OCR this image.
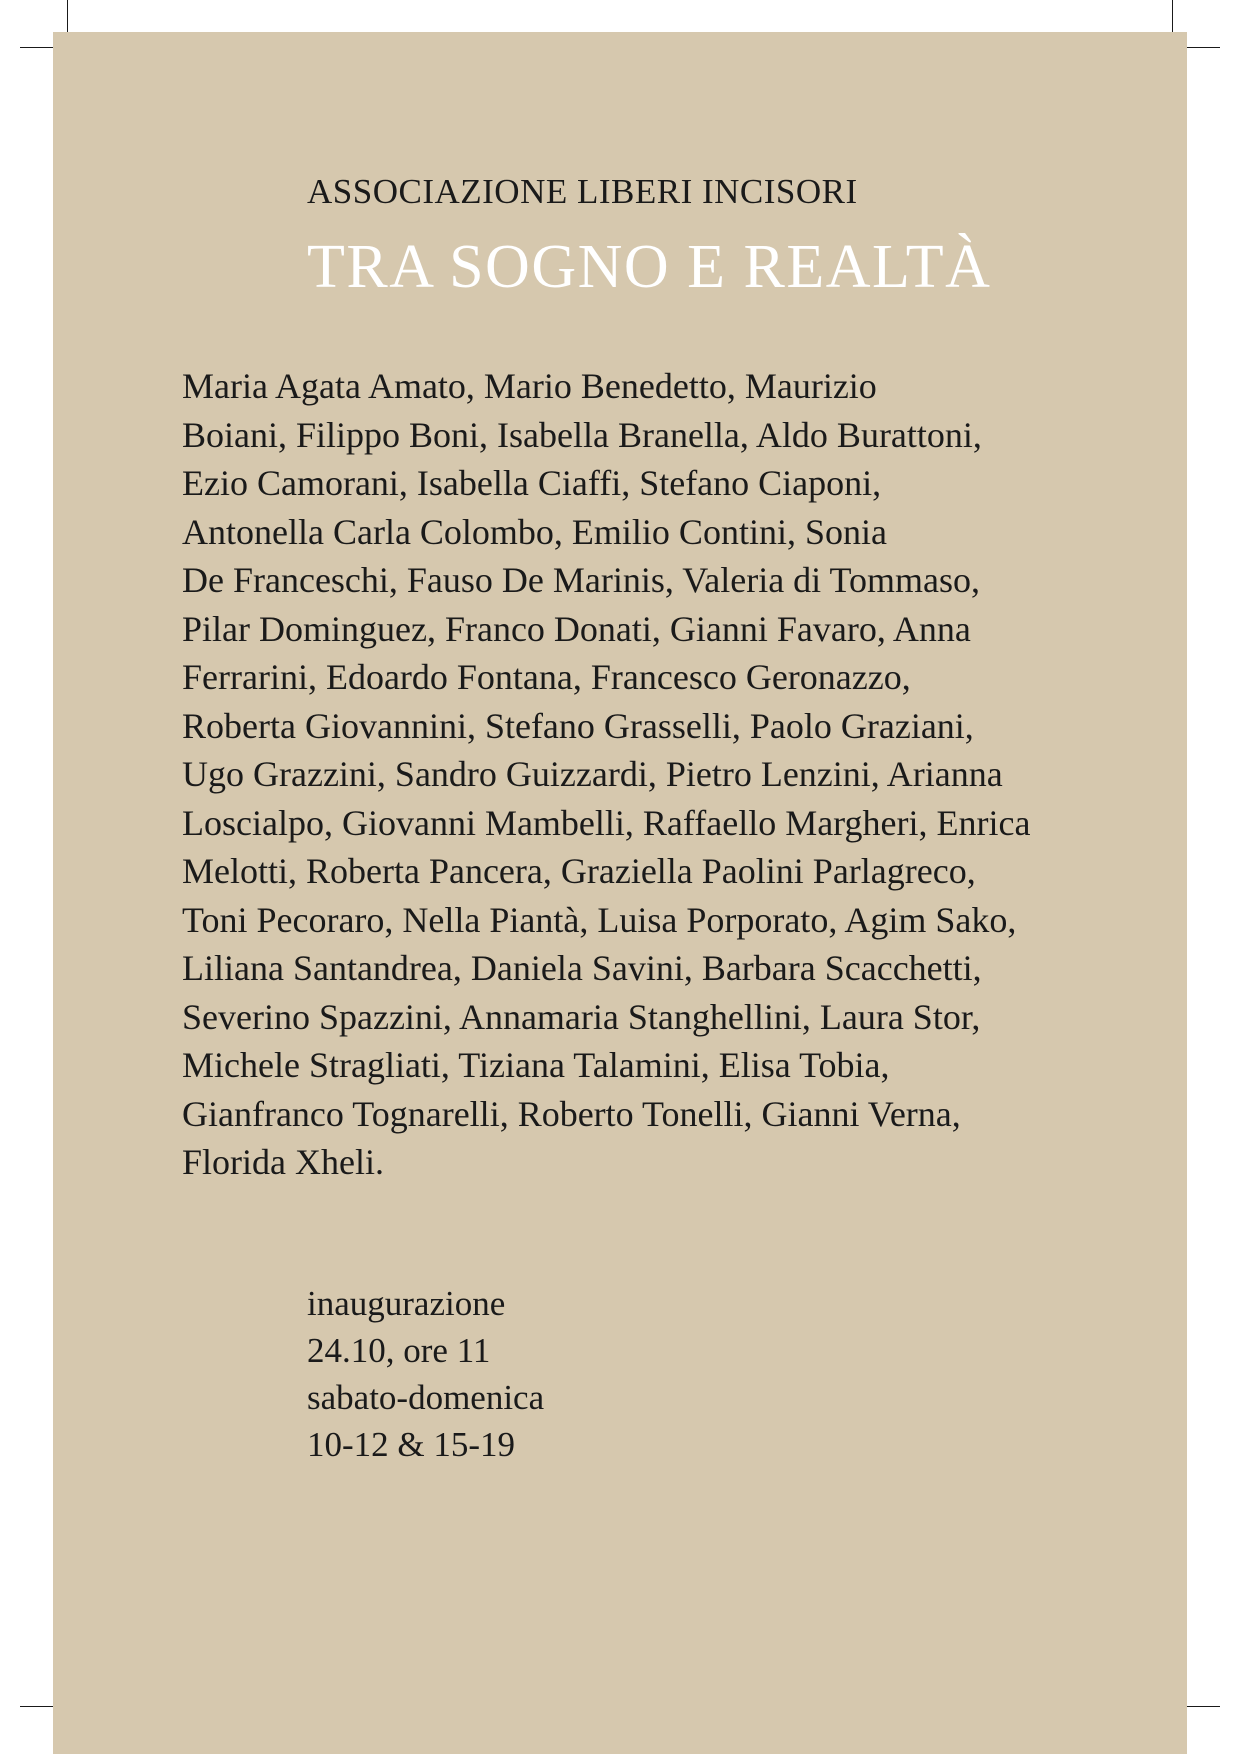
ASSOCIAZIONE LIBERI INCISORI
TRA SOGNO E REALTÀ

Maria Agata Amato, Mario Benedetto, Maurizio
Boiani, Filippo Boni, Isabella Branella, Aldo Burattoni,
Ezio Camorani, Isabella Ciaffi, Stefano Ciaponi,
Antonella Carla Colombo, Emilio Contini, Sonia
De Franceschi, Fauso De Marinis, Valeria di Tommaso,
Pilar Dominguez, Franco Donati, Gianni Favaro, Anna
Ferrarini, Edoardo Fontana, Francesco Geronazzo,
Roberta Giovannini, Stefano Grasselli, Paolo Graziani,
Ugo Grazzini, Sandro Guizzardi, Pietro Lenzini, Arianna
Loscialpo, Giovanni Mambelli, Raffaello Margheri, Enrica
Melotti, Roberta Pancera, Graziella Paolini Parlagreco,
Toni Pecoraro, Nella Piantà, Luisa Porporato, Agim Sako,
Liliana Santandrea, Daniela Savini, Barbara Scacchetti,
Severino Spazzini, Annamaria Stanghellini, Laura Stor,
Michele Stragliati, Tiziana Talamini, Elisa Tobia,
Gianfranco Tognarelli, Roberto Tonelli, Gianni Verna,
Florida Xheli.

inaugurazione
24.10, ore 11
sabato-domenica
10-12 & 15-19
